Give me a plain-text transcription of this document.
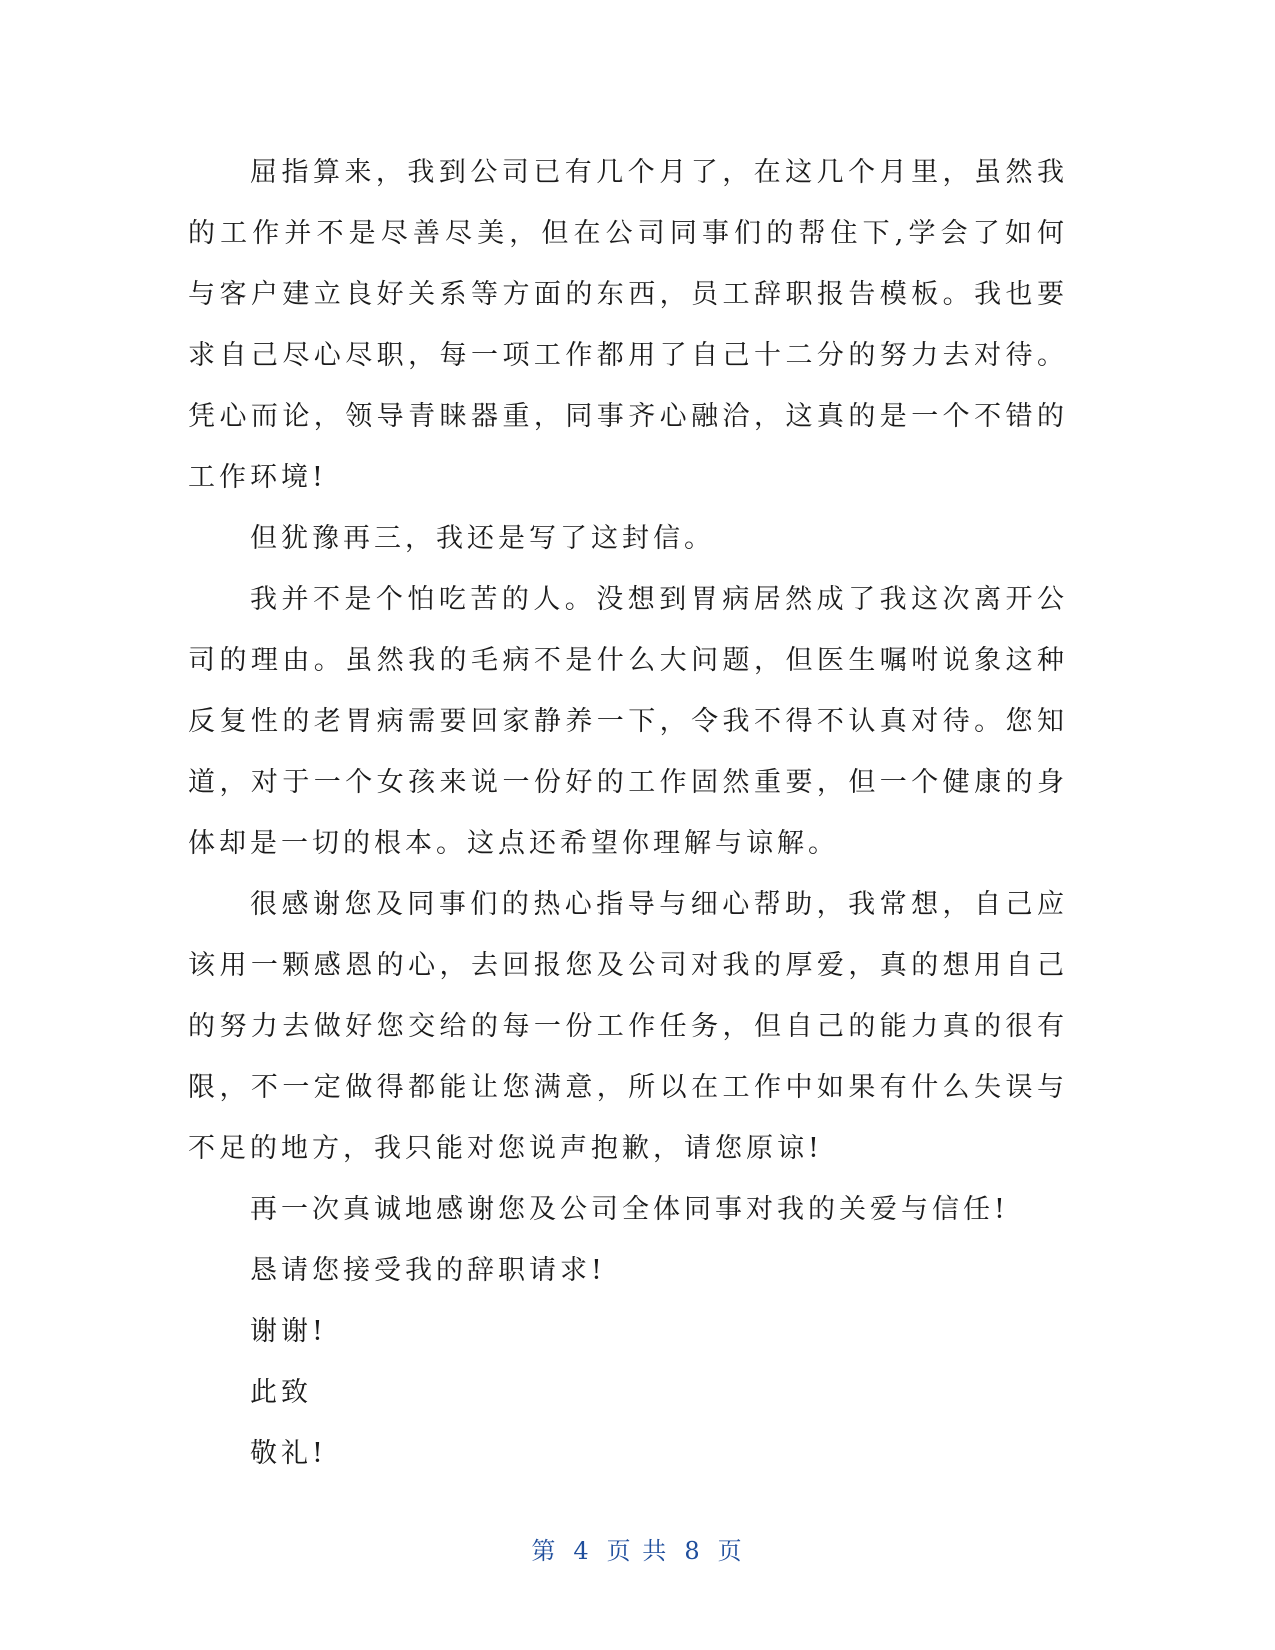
屈指算来，我到公司已有几个月了，在这几个月里，虽然我的工作并不是尽善尽美，但在公司同事们的帮住下,学会了如何与客户建立良好关系等方面的东西，员工辞职报告模板。我也要求自己尽心尽职，每一项工作都用了自己十二分的努力去对待。凭心而论，领导青睐器重，同事齐心融洽，这真的是一个不错的工作环境!

但犹豫再三，我还是写了这封信。

我并不是个怕吃苦的人。没想到胃病居然成了我这次离开公司的理由。虽然我的毛病不是什么大问题，但医生嘱咐说象这种反复性的老胃病需要回家静养一下，令我不得不认真对待。您知道，对于一个女孩来说一份好的工作固然重要，但一个健康的身体却是一切的根本。这点还希望你理解与谅解。

很感谢您及同事们的热心指导与细心帮助，我常想，自己应该用一颗感恩的心，去回报您及公司对我的厚爱，真的想用自己的努力去做好您交给的每一份工作任务，但自己的能力真的很有限，不一定做得都能让您满意，所以在工作中如果有什么失误与不足的地方，我只能对您说声抱歉，请您原谅!

再一次真诚地感谢您及公司全体同事对我的关爱与信任!

恳请您接受我的辞职请求!

谢谢!

此致

敬礼!

第 4 页 共 8 页
